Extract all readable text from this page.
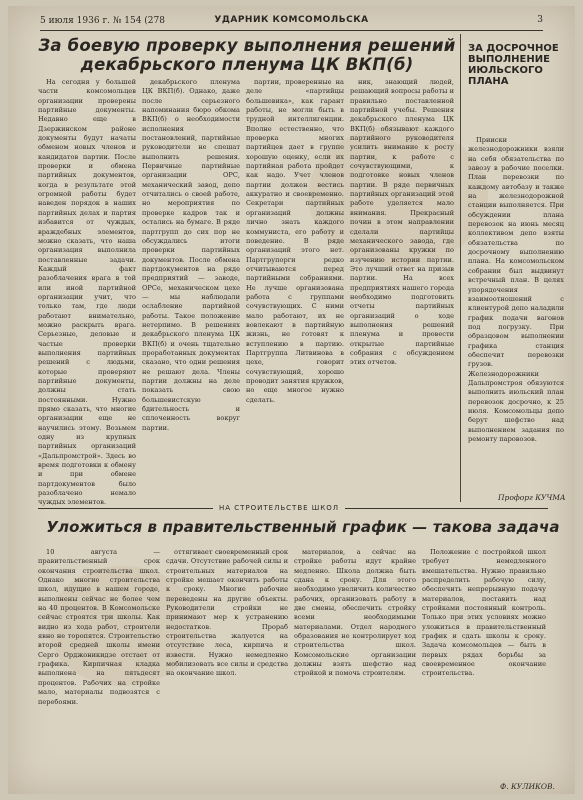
5 июля 1936 г. № 154 (278	УДАРНИК КОМСОМОЛЬСКА	3
За боевую проверку выполнения решений декабрьского пленума ЦК ВКП(б)
На сегодня у большей части комсомольцев организации проверены партийные документы. Недавно еще в Дзержинском районе документы будут начаты обменом новых членов и кандидатов партии. После проверки и обмена партийных документов, когда в результате этой огромной работы будет наведен порядок в наших партийных делах и партия избавится от чуждых, враждебных элементов, можно сказать, что наша организация выполнила поставленные задачи. Каждый факт разоблачения врага в той или иной партийной организации учит, что только там, где люди работают внимательно, можно раскрыть врага. Серьезные, деловые и частые проверки выполнения партийных решений с людьми, которые проверяют партийные документы, должны стать постоянными. Нужно прямо сказать, что многие организации еще не научились этому. Возьмем одну из крупных партийных организаций «Дальпромстрой». Здесь во время подготовки к обмену и при обмене партдокументов было разоблачено немало чуждых элементов.
декабрьского пленума ЦК ВКП(б). Однако, даже после серьезного напоминания бюро обкома ВКП(б) о необходимости исполнения постановлений, партийные руководители не спешат выполнить решения. Первичные партийные организации ОРС, механический завод, депо отчитались о своей работе, но мероприятия по проверке кадров так и остались на бумаге. В ряде партгрупп до сих пор не обсуждались итоги проверки партийных документов. После обмена партдокументов на ряде предприятий — заводе, ОРСе, механическом цехе — мы наблюдали ослабление партийной работы. Такое положение нетерпимо. В решениях декабрьского пленума ЦК ВКП(б) и очень тщательно проработанных документах сказано, что одни решения не решают дела. Члены партии должны на деле показать свою большевистскую бдительность и сплоченность вокруг партии.
партии, проверенные на деле «партийцы большевика», как гарант работы, не могли быть в трудной интеллигенции. Вполне естественно, что проверка многих партийцев дает в группе хорошую оценку, если их партийная работа пройдет как надо. Учет членов партии должен вестись аккуратно и своевременно. Секретари партийных организаций должны лично знать каждого коммуниста, его работу и поведение. В ряде организаций этого нет. Партгрупорги редко отчитываются перед партийными собраниями. Не лучше организована работа с группами сочувствующих. С ними мало работают, их не вовлекают в партийную жизнь, не готовят к вступлению в партию. Партгруппа Литвинова в цехе, говорит сочувствующий, хорошо проводит занятия кружков, но еще многое нужно сделать.
ник, знающий людей, решающий вопросы работы и правильно поставленной партийной учебы. Решения декабрьского пленума ЦК ВКП(б) обязывают каждого партийного руководителя усилить внимание к росту партии, к работе с сочувствующими, к подготовке новых членов партии. В ряде первичных партийных организаций этой работе уделяется мало внимания. Прекрасный почин в этом направлении сделали партийцы механического завода, где организованы кружки по изучению истории партии. Это лучший ответ на призыв партии. На всех предприятиях нашего города необходимо подготовить отчеты партийных организаций о ходе выполнения решений пленума и провести открытые партийные собрания с обсуждением этих отчетов.
ЗА ДОСРОЧНОЕ ВЫПОЛНЕНИЕ ИЮЛЬСКОГО ПЛАНА
Прииски железнодорожники взяли на себя обязательства по завозу в рабочие поселки. План перевозки по каждому автобазу и также на железнодорожной станции выполняется. При обсуждении плана перевозок на июнь месяц коллективом депо взяты обязательства по досрочному выполнению плана. На комсомольском собрании был выдвинут встречный план. В целях упорядочения взаимоотношений с клиентурой депо наладили график подачи вагонов под погрузку. При образцовом выполнении графика станция обеспечит перевозки грузов. Железнодорожники Дальпромстроя обязуются выполнить июльский план перевозок досрочно, к 25 июля. Комсомольцы депо берут шефство над выполнением задания по ремонту паровозов.
Профорг КУЧМА
НА СТРОИТЕЛЬСТВЕ ШКОЛ
Уложиться в правительственный график — такова задача
10 августа — правительственный срок окончания строительства школ. Однако многие строительства школ, идущие в нашем городе, выполнены сейчас не более чем на 40 процентов. В Комсомольске сейчас строятся три школы. Как видно из хода работ, строители явно не торопятся. Строительство второй средней школы имени Серго Орджоникидзе отстает от графика. Кирпичная кладка выполнена на пятьдесят процентов. Рабочих на стройке мало, материалы подвозятся с перебоями.
оттягивает своевременный срок сдачи. Отсутствие рабочей силы и строительных материалов на стройке мешает окончить работы к сроку. Многие рабочие переведены на другие объекты. Руководители стройки не принимают мер к устранению недостатков. Прораб строительства жалуется на отсутствие леса, кирпича и извести. Нужно немедленно мобилизовать все силы и средства на окончание школ.
материалов, а сейчас на стройке работы идут крайне медленно. Школа должна быть сдана к сроку. Для этого необходимо увеличить количество рабочих, организовать работу в две смены, обеспечить стройку всеми необходимыми материалами. Отдел народного образования не контролирует ход строительства школ. Комсомольские организации должны взять шефство над стройкой и помочь строителям.
Положение с постройкой школ требует немедленного вмешательства. Нужно правильно распределить рабочую силу, обеспечить непрерывную подачу материалов, поставить над стройками постоянный контроль. Только при этих условиях можно уложиться в правительственный график и сдать школы к сроку. Задача комсомольцев — быть в первых рядах борьбы за своевременное окончание строительства.
Ф. КУЛИКОВ.
